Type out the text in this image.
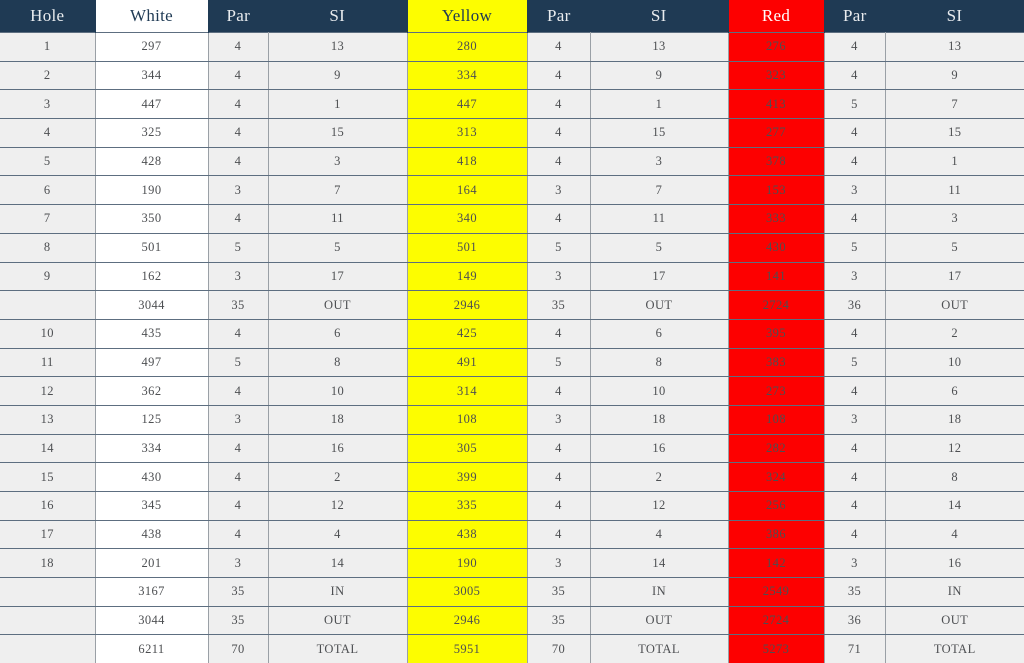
Hole	White	Par	SI	Yellow	Par	SI	Red	Par	SI
1	297	4	13	280	4	13	276	4	13
2	344	4	9	334	4	9	323	4	9
3	447	4	1	447	4	1	413	5	7
4	325	4	15	313	4	15	277	4	15
5	428	4	3	418	4	3	378	4	1
6	190	3	7	164	3	7	153	3	11
7	350	4	11	340	4	11	333	4	3
8	501	5	5	501	5	5	430	5	5
9	162	3	17	149	3	17	141	3	17
	3044	35	OUT	2946	35	OUT	2724	36	OUT
10	435	4	6	425	4	6	395	4	2
11	497	5	8	491	5	8	383	5	10
12	362	4	10	314	4	10	273	4	6
13	125	3	18	108	3	18	108	3	18
14	334	4	16	305	4	16	282	4	12
15	430	4	2	399	4	2	324	4	8
16	345	4	12	335	4	12	256	4	14
17	438	4	4	438	4	4	386	4	4
18	201	3	14	190	3	14	142	3	16
	3167	35	IN	3005	35	IN	2549	35	IN
	3044	35	OUT	2946	35	OUT	2724	36	OUT
	6211	70	TOTAL	5951	70	TOTAL	5273	71	TOTAL
